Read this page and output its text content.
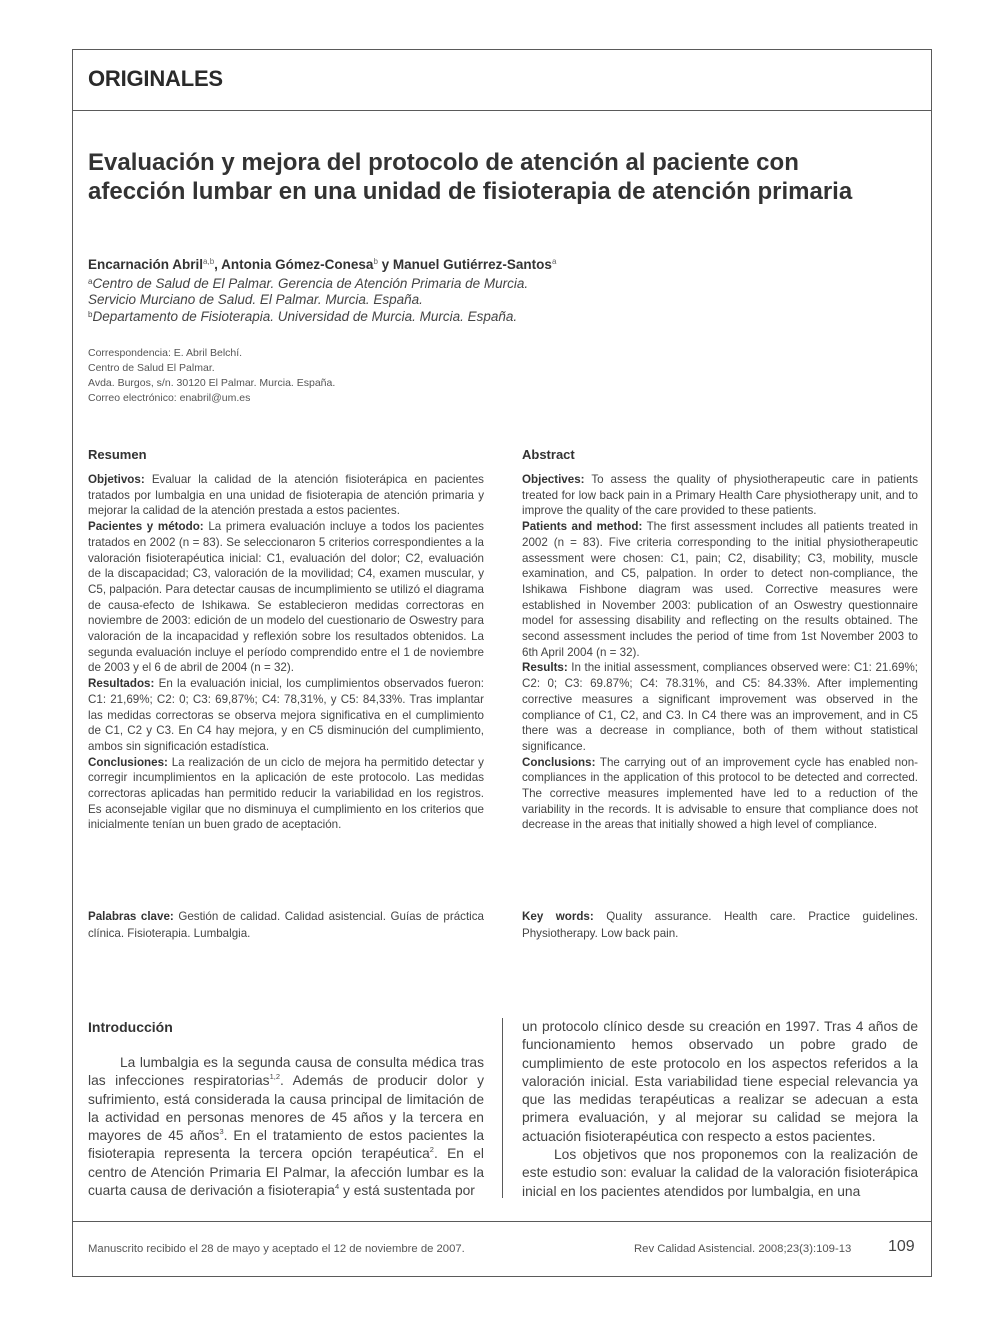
ORIGINALES
Evaluación y mejora del protocolo de atención al paciente con afección lumbar en una unidad de fisioterapia de atención primaria
Encarnación Abril$^{a,b}$, Antonia Gómez-Conesa$^b$ y Manuel Gutiérrez-Santos$^a$
$^a$Centro de Salud de El Palmar. Gerencia de Atención Primaria de Murcia.
Servicio Murciano de Salud. El Palmar. Murcia. España.
$^b$Departamento de Fisioterapia. Universidad de Murcia. Murcia. España.
Correspondencia: E. Abril Belchí.
Centro de Salud El Palmar.
Avda. Burgos, s/n. 30120 El Palmar. Murcia. España.
Correo electrónico: enabril@um.es
Resumen

Objetivos: Evaluar la calidad de la atención fisioterápica en pacientes tratados por lumbalgia en una unidad de fisioterapia de atención primaria y mejorar la calidad de la atención prestada a estos pacientes.

Pacientes y método: La primera evaluación incluye a todos los pacientes tratados en 2002 (n = 83). Se seleccionaron 5 criterios correspondientes a la valoración fisioterapéutica inicial: C1, evaluación del dolor; C2, evaluación de la discapacidad; C3, valoración de la movilidad; C4, examen muscular, y C5, palpación. Para detectar causas de incumplimiento se utilizó el diagrama de causa-efecto de Ishikawa. Se establecieron medidas correctoras en noviembre de 2003: edición de un modelo del cuestionario de Oswestry para valoración de la incapacidad y reflexión sobre los resultados obtenidos. La segunda evaluación incluye el período comprendido entre el 1 de noviembre de 2003 y el 6 de abril de 2004 (n = 32).

Resultados: En la evaluación inicial, los cumplimientos observados fueron: C1: 21,69%; C2: 0; C3: 69,87%; C4: 78,31%, y C5: 84,33%. Tras implantar las medidas correctoras se observa mejora significativa en el cumplimiento de C1, C2 y C3. En C4 hay mejora, y en C5 disminución del cumplimiento, ambos sin significación estadística.

Conclusiones: La realización de un ciclo de mejora ha permitido detectar y corregir incumplimientos en la aplicación de este protocolo. Las medidas correctoras aplicadas han permitido reducir la variabilidad en los registros. Es aconsejable vigilar que no disminuya el cumplimiento en los criterios que inicialmente tenían un buen grado de aceptación.

Palabras clave: Gestión de calidad. Calidad asistencial. Guías de práctica clínica. Fisioterapia. Lumbalgia.
Abstract

Objectives: To assess the quality of physiotherapeutic care in patients treated for low back pain in a Primary Health Care physiotherapy unit, and to improve the quality of the care provided to these patients.

Patients and method: The first assessment includes all patients treated in 2002 (n = 83). Five criteria corresponding to the initial physiotherapeutic assessment were chosen: C1, pain; C2, disability; C3, mobility, muscle examination, and C5, palpation. In order to detect non-compliance, the Ishikawa Fishbone diagram was used. Corrective measures were established in November 2003: publication of an Oswestry questionnaire model for assessing disability and reflecting on the results obtained. The second assessment includes the period of time from 1st November 2003 to 6th April 2004 (n = 32).

Results: In the initial assessment, compliances observed were: C1: 21.69%; C2: 0; C3: 69.87%; C4: 78.31%, and C5: 84.33%. After implementing corrective measures a significant improvement was observed in the compliance of C1, C2, and C3. In C4 there was an improvement, and in C5 there was a decrease in compliance, both of them without statistical significance.

Conclusions: The carrying out of an improvement cycle has enabled non-compliances in the application of this protocol to be detected and corrected. The corrective measures implemented have led to a reduction of the variability in the records. It is advisable to ensure that compliance does not decrease in the areas that initially showed a high level of compliance.

Key words: Quality assurance. Health care. Practice guidelines. Physiotherapy. Low back pain.
Introducción

La lumbalgia es la segunda causa de consulta médica tras las infecciones respiratorias$^{1,2}$. Además de producir dolor y sufrimiento, está considerada la causa principal de limitación de la actividad en personas menores de 45 años y la tercera en mayores de 45 años$^3$. En el tratamiento de estos pacientes la fisioterapia representa la tercera opción terapéutica$^2$. En el centro de Atención Primaria El Palmar, la afección lumbar es la cuarta causa de derivación a fisioterapia$^4$ y está sustentada por

un protocolo clínico desde su creación en 1997. Tras 4 años de funcionamiento hemos observado un pobre grado de cumplimiento de este protocolo en los aspectos referidos a la valoración inicial. Esta variabilidad tiene especial relevancia ya que las medidas terapéuticas a realizar se adecuan a esta primera evaluación, y al mejorar su calidad se mejora la actuación fisioterapéutica con respecto a estos pacientes.

Los objetivos que nos proponemos con la realización de este estudio son: evaluar la calidad de la valoración fisioterápica inicial en los pacientes atendidos por lumbalgia, en una

Manuscrito recibido el 28 de mayo y aceptado el 12 de noviembre de 2007.	Rev Calidad Asistencial. 2008;23(3):109-13 109
